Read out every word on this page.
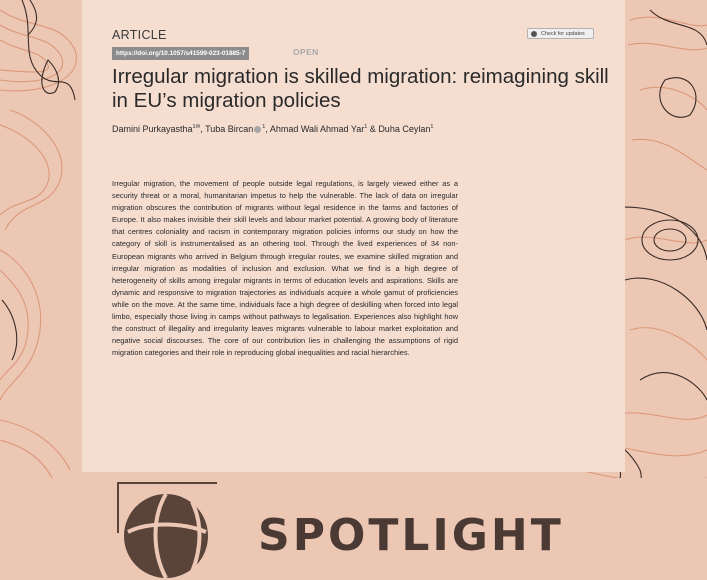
ARTICLE
https://doi.org/10.1057/s41599-023-01885-7	OPEN
Check for updates
Irregular migration is skilled migration: reimagining skill in EU’s migration policies
Damini Purkayastha$^{1✉}$, Tuba Bircan $^1$, Ahmad Wali Ahmad Yar$^1$ & Duha Ceylan$^1$

Irregular migration, the movement of people outside legal regulations, is largely viewed either as a security threat or a moral, humanitarian impetus to help the vulnerable. The lack of data on irregular migration obscures the contribution of migrants without legal residence in the farms and factories of Europe. It also makes invisible their skill levels and labour market potential. A growing body of literature that centres coloniality and racism in contemporary migration policies informs our study on how the category of skill is instrumentalised as an othering tool. Through the lived experiences of 34 non-European migrants who arrived in Belgium through irregular routes, we examine skilled migration and irregular migration as modalities of inclusion and exclusion. What we find is a high degree of heterogeneity of skills among irregular migrants in terms of education levels and aspirations. Skills are dynamic and responsive to migration trajectories as individuals acquire a whole gamut of proficiencies while on the move. At the same time, individuals face a high degree of deskilling when forced into legal limbo, especially those living in camps without pathways to legalisation. Experiences also highlight how the construct of illegality and irregularity leaves migrants vulnerable to labour market exploitation and negative social discourses. The core of our contribution lies in challenging the assumptions of rigid migration categories and their role in reproducing global inequalities and racial hierarchies.

SPOTLIGHT
